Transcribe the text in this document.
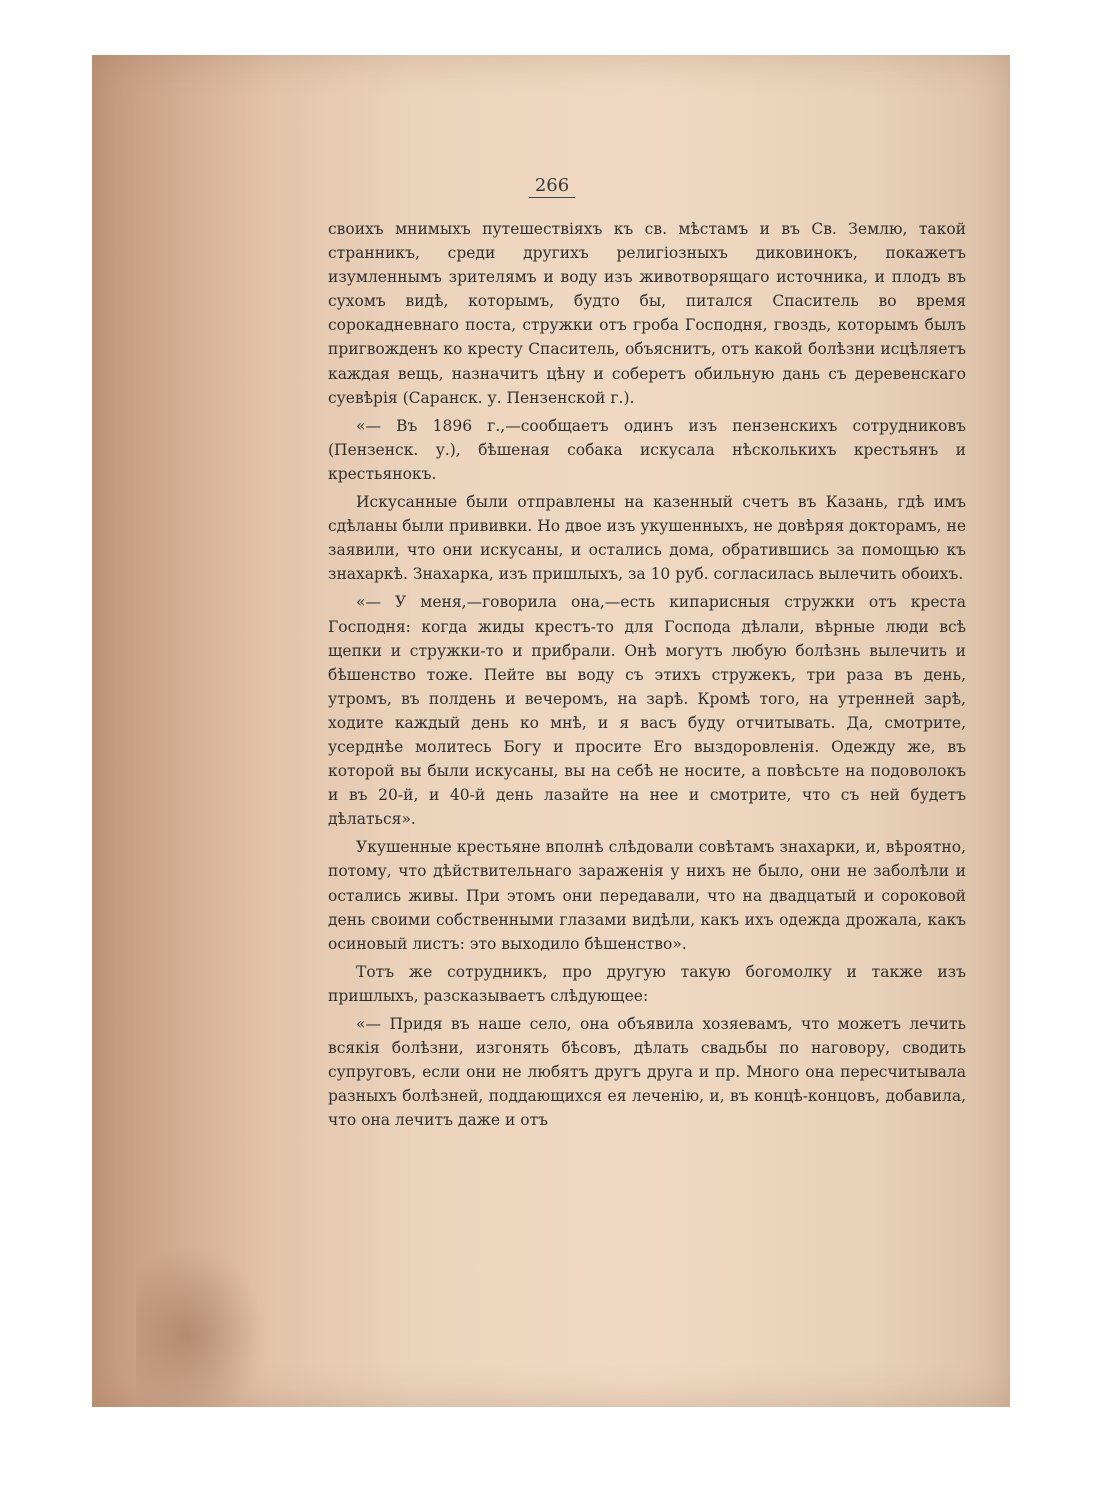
266

своихъ мнимыхъ путешествіяхъ къ св. мѣстамъ и въ Св. Землю, такой странникъ, среди другихъ религіозныхъ диковинокъ, покажетъ изумленнымъ зрителямъ и воду изъ животворящаго источника, и плодъ въ сухомъ видѣ, которымъ, будто бы, питался Спаситель во время сорокадневнаго поста, стружки отъ гроба Господня, гвоздь, которымъ былъ пригвожденъ ко кресту Спаситель, объяснитъ, отъ какой болѣзни исцѣляетъ каждая вещь, назначитъ цѣну и соберетъ обильную дань съ деревенскаго суевѣрія (Саранск. у. Пензенской г.).

«— Въ 1896 г.,—сообщаетъ одинъ изъ пензенскихъ сотрудниковъ (Пензенск. у.), бѣшеная собака искусала нѣсколькихъ крестьянъ и крестьянокъ.

Искусанные были отправлены на казенный счетъ въ Казань, гдѣ имъ сдѣланы были прививки. Но двое изъ укушенныхъ, не довѣряя докторамъ, не заявили, что они искусаны, и остались дома, обратившись за помощью къ знахаркѣ. Знахарка, изъ пришлыхъ, за 10 руб. согласилась вылечить обоихъ.

«— У меня,—говорила она,—есть кипарисныя стружки отъ креста Господня: когда жиды крестъ-то для Господа дѣлали, вѣрные люди всѣ щепки и стружки-то и прибрали. Онѣ могутъ любую болѣзнь вылечить и бѣшенство тоже. Пейте вы воду съ этихъ стружекъ, три раза въ день, утромъ, въ полдень и вечеромъ, на зарѣ. Кромѣ того, на утренней зарѣ, ходите каждый день ко мнѣ, и я васъ буду отчитывать. Да, смотрите, усерднѣе молитесь Богу и просите Его выздоровленія. Одежду же, въ которой вы были искусаны, вы на себѣ не носите, а повѣсьте на подоволокъ и въ 20-й, и 40-й день лазайте на нее и смотрите, что съ ней будетъ дѣлаться».

Укушенные крестьяне вполнѣ слѣдовали совѣтамъ знахарки, и, вѣроятно, потому, что дѣйствительнаго зараженія у нихъ не было, они не заболѣли и остались живы. При этомъ они передавали, что на двадцатый и сороковой день своими собственными глазами видѣли, какъ ихъ одежда дрожала, какъ осиновый листъ: это выходило бѣшенство».

Тотъ же сотрудникъ, про другую такую богомолку и также изъ пришлыхъ, разсказываетъ слѣдующее:

«— Придя въ наше село, она объявила хозяевамъ, что можетъ лечить всякія болѣзни, изгонять бѣсовъ, дѣлать свадьбы по наговору, сводить супруговъ, если они не любятъ другъ друга и пр. Много она пересчитывала разныхъ болѣзней, поддающихся ея леченію, и, въ концѣ-концовъ, добавила, что она лечитъ даже и отъ
